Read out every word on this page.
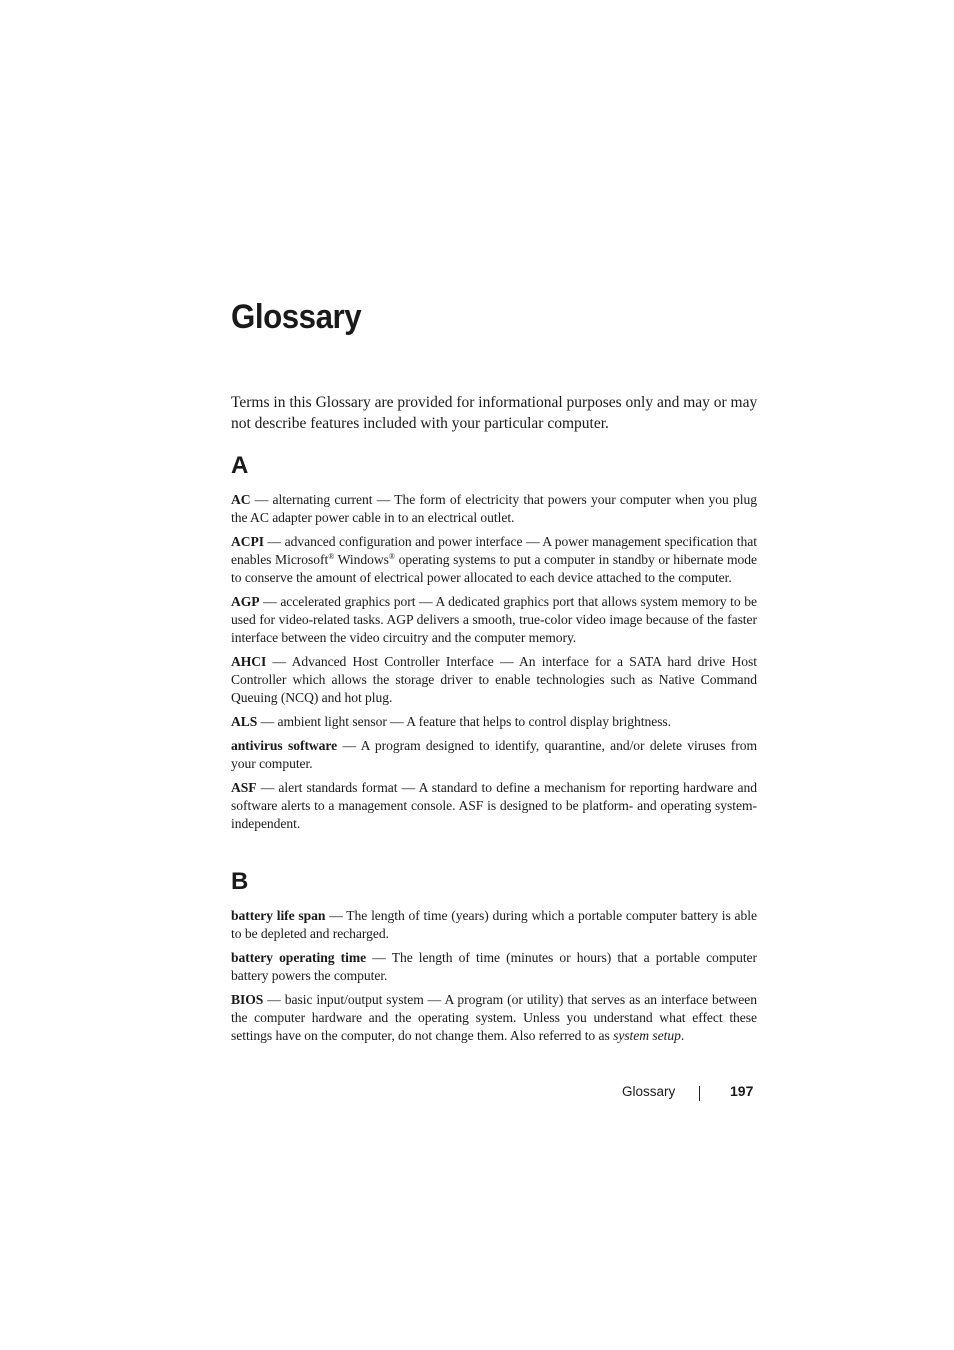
Glossary

Terms in this Glossary are provided for informational purposes only and may or may not describe features included with your particular computer.

A

AC — alternating current — The form of electricity that powers your computer when you plug the AC adapter power cable in to an electrical outlet.

ACPI — advanced configuration and power interface — A power management specification that enables Microsoft® Windows® operating systems to put a computer in standby or hibernate mode to conserve the amount of electrical power allocated to each device attached to the computer.

AGP — accelerated graphics port — A dedicated graphics port that allows system memory to be used for video-related tasks. AGP delivers a smooth, true-color video image because of the faster interface between the video circuitry and the computer memory.

AHCI — Advanced Host Controller Interface — An interface for a SATA hard drive Host Controller which allows the storage driver to enable technologies such as Native Command Queuing (NCQ) and hot plug.

ALS — ambient light sensor — A feature that helps to control display brightness.

antivirus software — A program designed to identify, quarantine, and/or delete viruses from your computer.

ASF — alert standards format — A standard to define a mechanism for reporting hardware and software alerts to a management console. ASF is designed to be platform- and operating system-independent.

B

battery life span — The length of time (years) during which a portable computer battery is able to be depleted and recharged.

battery operating time — The length of time (minutes or hours) that a portable computer battery powers the computer.

BIOS — basic input/output system — A program (or utility) that serves as an interface between the computer hardware and the operating system. Unless you understand what effect these settings have on the computer, do not change them. Also referred to as system setup.

Glossary	197
